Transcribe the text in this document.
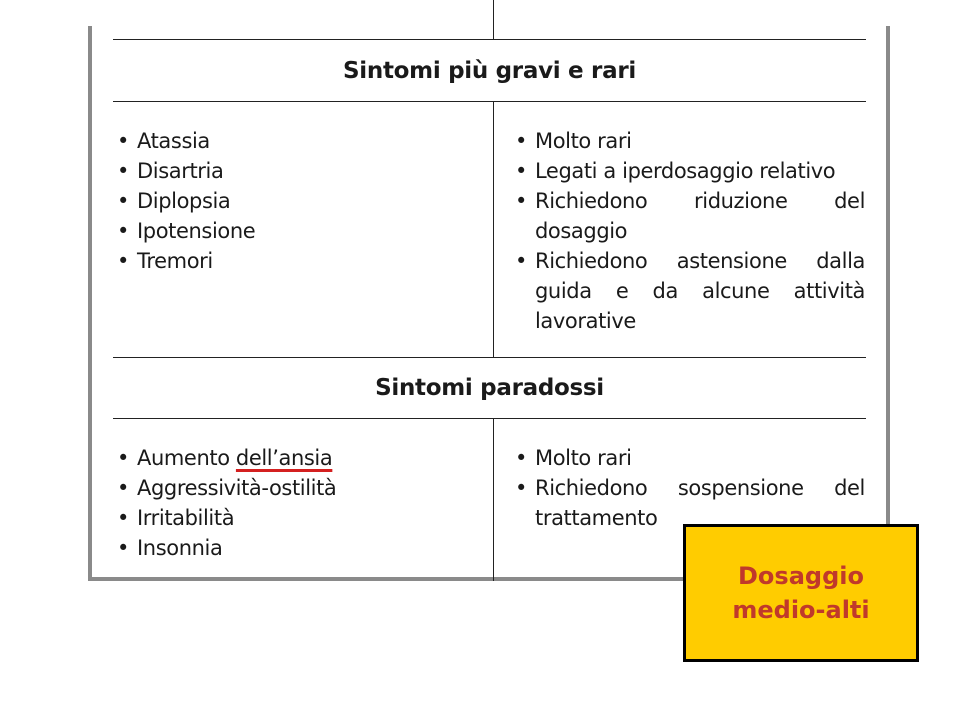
Sintomi più gravi e rari
• Atassia
• Disartria
• Diplopsia
• Ipotensione
• Tremori
• Molto rari
• Legati a iperdosaggio relativo
• Richiedono riduzione del dosaggio
• Richiedono astensione dalla guida e da alcune attività lavorative
Sintomi paradossi
• Aumento dell’ansia
• Aggressività-ostilità
• Irritabilità
• Insonnia
• Molto rari
• Richiedono sospensione del trattamento
Dosaggio
medio-alti
